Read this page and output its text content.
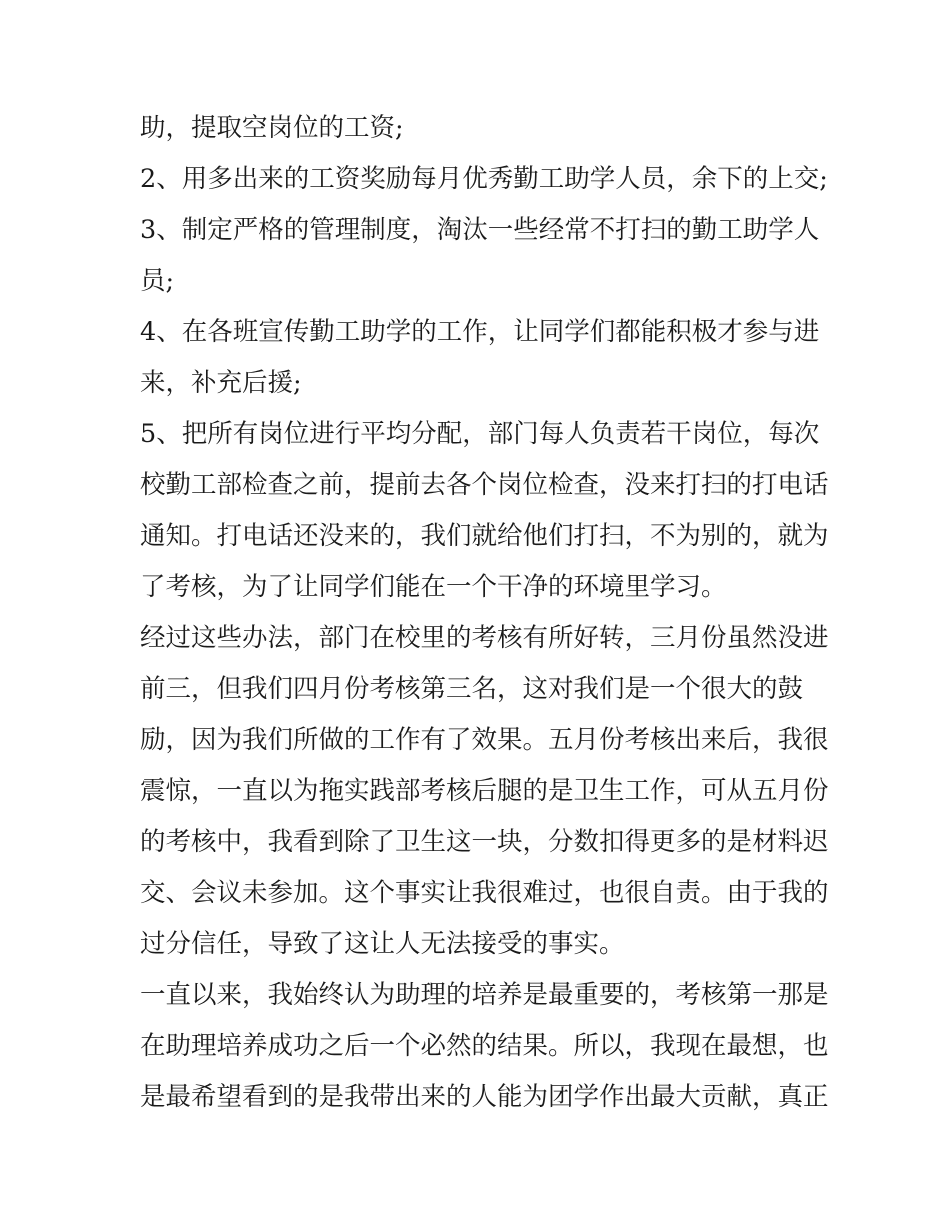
助，提取空岗位的工资;
2、用多出来的工资奖励每月优秀勤工助学人员，余下的上交;
3、制定严格的管理制度，淘汰一些经常不打扫的勤工助学人
员;
4、在各班宣传勤工助学的工作，让同学们都能积极才参与进
来，补充后援;
5、把所有岗位进行平均分配，部门每人负责若干岗位，每次
校勤工部检查之前，提前去各个岗位检查，没来打扫的打电话
通知。打电话还没来的，我们就给他们打扫，不为别的，就为
了考核，为了让同学们能在一个干净的环境里学习。
经过这些办法，部门在校里的考核有所好转，三月份虽然没进
前三，但我们四月份考核第三名，这对我们是一个很大的鼓
励，因为我们所做的工作有了效果。五月份考核出来后，我很
震惊，一直以为拖实践部考核后腿的是卫生工作，可从五月份
的考核中，我看到除了卫生这一块，分数扣得更多的是材料迟
交、会议未参加。这个事实让我很难过，也很自责。由于我的
过分信任，导致了这让人无法接受的事实。
一直以来，我始终认为助理的培养是最重要的，考核第一那是
在助理培养成功之后一个必然的结果。所以，我现在最想，也
是最希望看到的是我带出来的人能为团学作出最大贡献，真正
